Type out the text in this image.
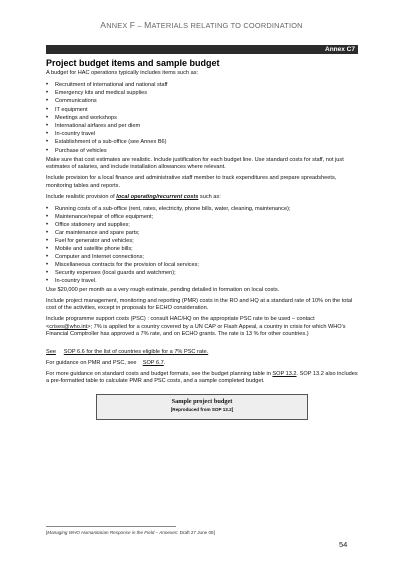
ANNEX F – MATERIALS RELATING TO COORDINATION
Annex C7
Project budget items and sample budget

A budget for HAC operations typically includes items such as:

• Recruitment of international and national staff
• Emergency kits and medical supplies
• Communications
• IT equipment
• Meetings and workshops
• International airfares and per diem
• In-country travel
• Establishment of a sub-office (see Annex B6)
• Purchase of vehicles

Make sure that cost estimates are realistic. Include justification for each budget line. Use standard costs for staff, not just estimates of salaries, and include installation allowances where relevant.

Include provision for a local finance and administrative staff member to track expenditures and prepare spreadsheets, monitoring tables and reports.

Include realistic provision of local operating/recurrent costs such as:

• Running costs of a sub-office (rent, rates, electricity, phone bills, water, cleaning, maintenance);
• Maintenance/repair of office equipment;
• Office stationery and supplies;
• Car maintenance and spare parts;
• Fuel for generator and vehicles;
• Mobile and satellite phone bills;
• Computer and Internet connections;
• Miscellaneous contracts for the provision of local services;
• Security expenses (local guards and watchmen);
• In-country travel.

Use $20,000 per month as a very rough estimate, pending detailed in formation on local costs.

Include project management, monitoring and reporting (PMR) costs in the RO and HQ at a standard rate of 10% on the total cost of the activities, except in proposals for ECHO consideration.

Include programme support costs (PSC) : consult HAC/HQ on the appropriate PSC rate to be used – contact <crises@who.int>; 7% is applied for a country covered by a UN CAP or Flash Appeal, a country in crisis for which WHO's Financial Comptroller has approved a 7% rate, and on ECHO grants. The rate is 13 % for other countries.)

See SOP 6.6 for the list of countries eligible for a 7% PSC rate.

For guidance on PMR and PSC, see    SOP 6.7.

For more guidance on standard costs and budget formats, see the budget planning table in SOP 13.2. SOP 13.2 also includes a pre-formatted table to calculate PMR and PSC costs, and a sample completed budget.

Sample project budget
[Reproduced from SOP 13.2]
[Managing WHO Humanitarian Response in the Field – Annexes: Draft 27 June 08]
54
